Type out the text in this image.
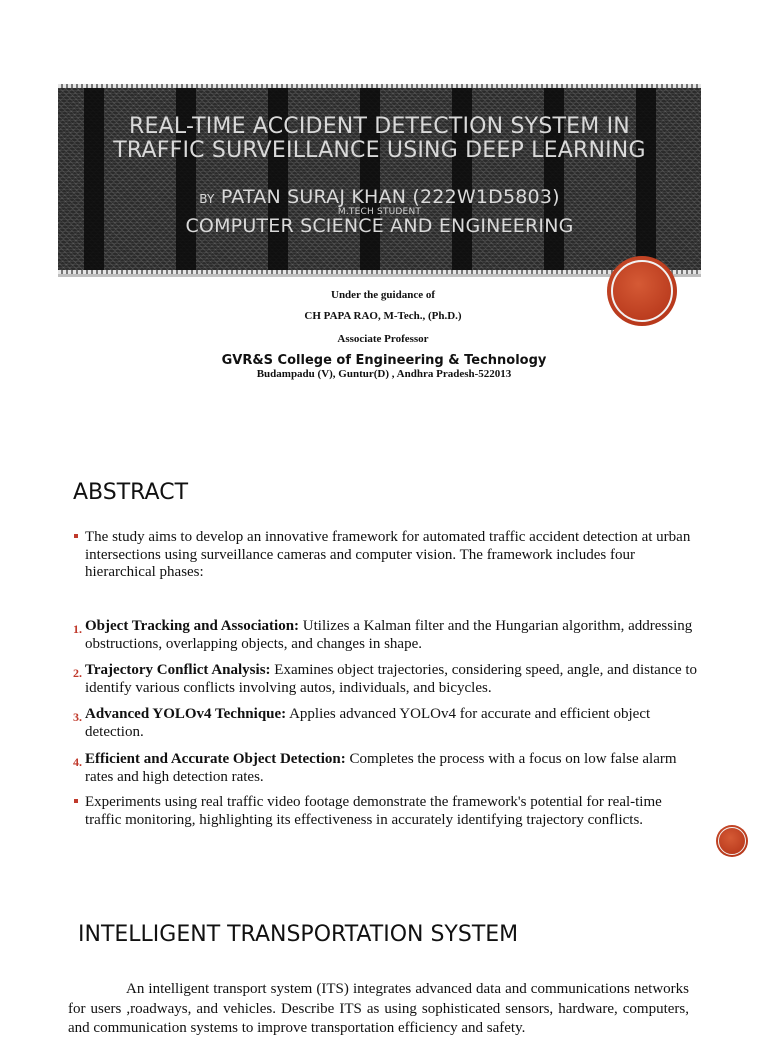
REAL-TIME ACCIDENT DETECTION SYSTEM IN
TRAFFIC SURVEILLANCE USING DEEP LEARNING
BY PATAN SURAJ KHAN (222W1D5803)
M.TECH STUDENT
COMPUTER SCIENCE AND ENGINEERING
Under the guidance of
CH PAPA RAO, M-Tech., (Ph.D.)
Associate Professor
GVR&S College of Engineering & Technology
Budampadu (V), Guntur(D) , Andhra Pradesh-522013
ABSTRACT
The study aims to develop an innovative framework for automated traffic accident detection at urban intersections using surveillance cameras and computer vision. The framework includes four hierarchical phases:
1. Object Tracking and Association: Utilizes a Kalman filter and the Hungarian algorithm, addressing obstructions, overlapping objects, and changes in shape.
2. Trajectory Conflict Analysis: Examines object trajectories, considering speed, angle, and distance to identify various conflicts involving autos, individuals, and bicycles.
3. Advanced YOLOv4 Technique: Applies advanced YOLOv4 for accurate and efficient object detection.
4. Efficient and Accurate Object Detection: Completes the process with a focus on low false alarm rates and high detection rates.
Experiments using real traffic video footage demonstrate the framework's potential for real-time traffic monitoring, highlighting its effectiveness in accurately identifying trajectory conflicts.
INTELLIGENT TRANSPORTATION SYSTEM
An intelligent transport system (ITS) integrates advanced data and communications networks for users ,roadways, and vehicles. Describe ITS as using sophisticated sensors, hardware, computers, and communication systems to improve transportation efficiency and safety.
